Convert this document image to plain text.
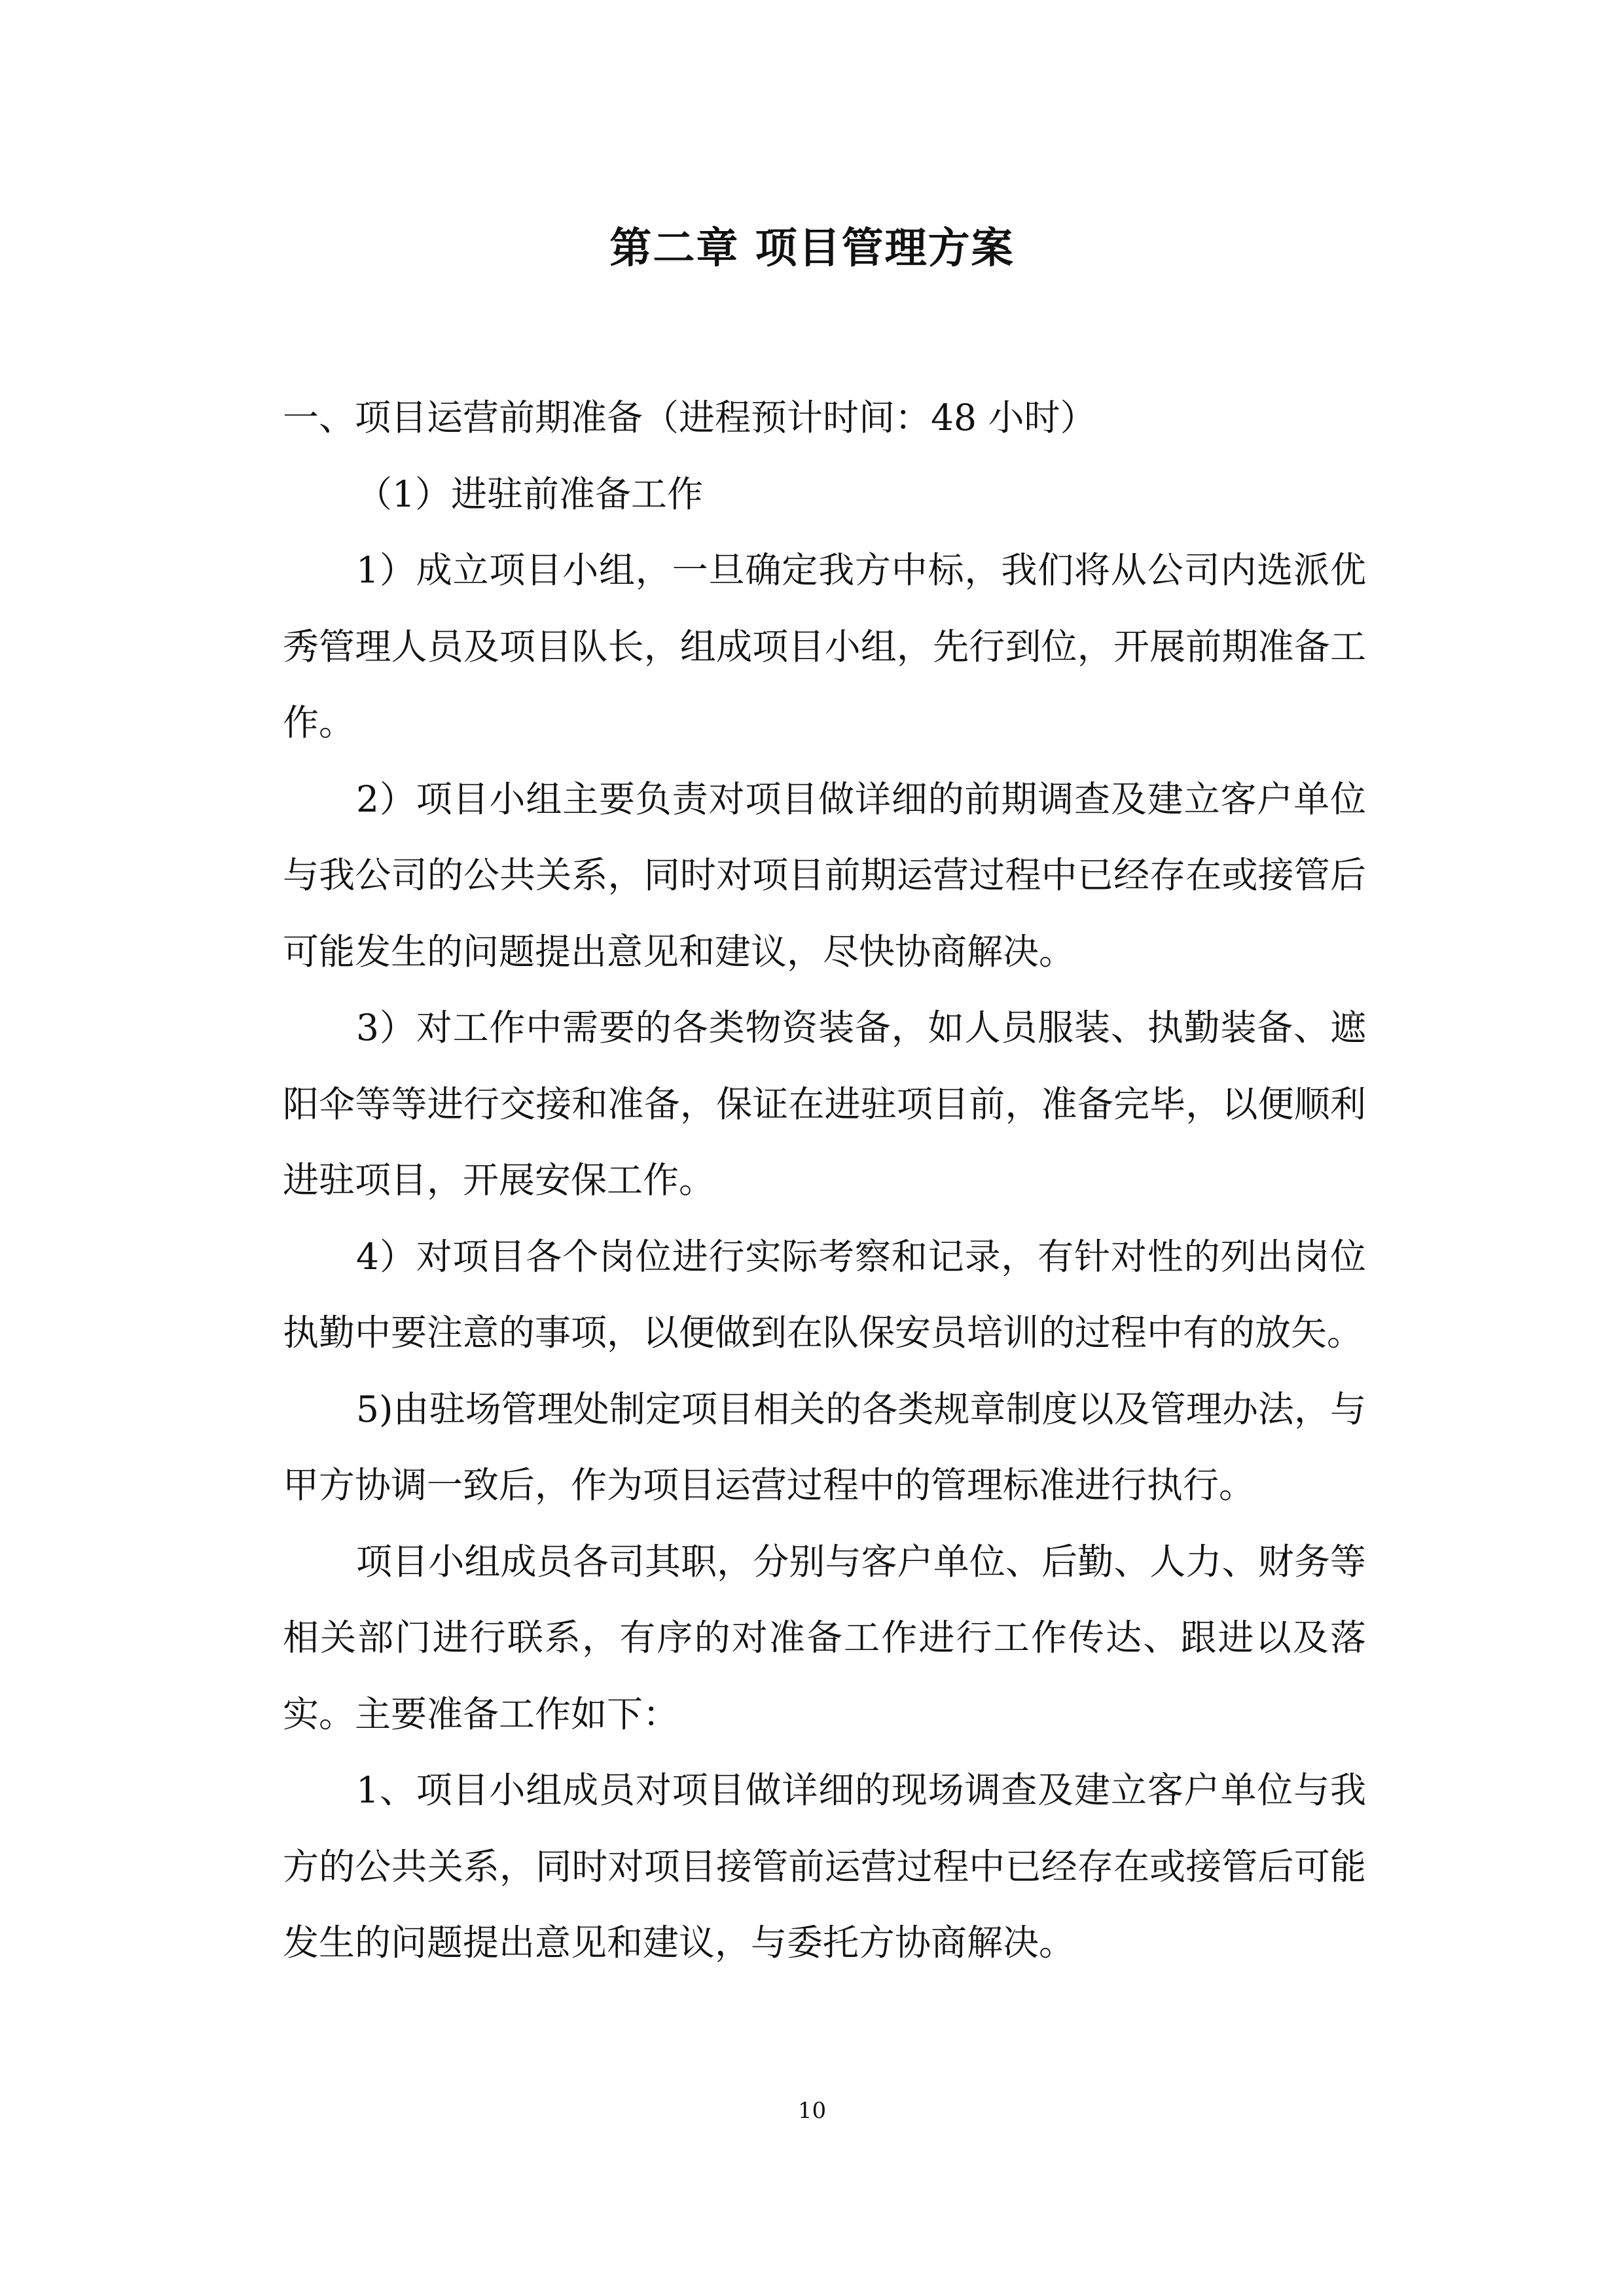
第二章 项目管理方案

一、项目运营前期准备（进程预计时间：48 小时）

（1）进驻前准备工作

1）成立项目小组，一旦确定我方中标，我们将从公司内选派优秀管理人员及项目队长，组成项目小组，先行到位，开展前期准备工作。

2）项目小组主要负责对项目做详细的前期调查及建立客户单位与我公司的公共关系，同时对项目前期运营过程中已经存在或接管后可能发生的问题提出意见和建议，尽快协商解决。

3）对工作中需要的各类物资装备，如人员服装、执勤装备、遮阳伞等等进行交接和准备，保证在进驻项目前，准备完毕，以便顺利进驻项目，开展安保工作。

4）对项目各个岗位进行实际考察和记录，有针对性的列出岗位执勤中要注意的事项，以便做到在队保安员培训的过程中有的放矢。

5)由驻场管理处制定项目相关的各类规章制度以及管理办法，与甲方协调一致后，作为项目运营过程中的管理标准进行执行。

项目小组成员各司其职，分别与客户单位、后勤、人力、财务等相关部门进行联系，有序的对准备工作进行工作传达、跟进以及落实。主要准备工作如下：

1、项目小组成员对项目做详细的现场调查及建立客户单位与我方的公共关系，同时对项目接管前运营过程中已经存在或接管后可能发生的问题提出意见和建议，与委托方协商解决。

10
